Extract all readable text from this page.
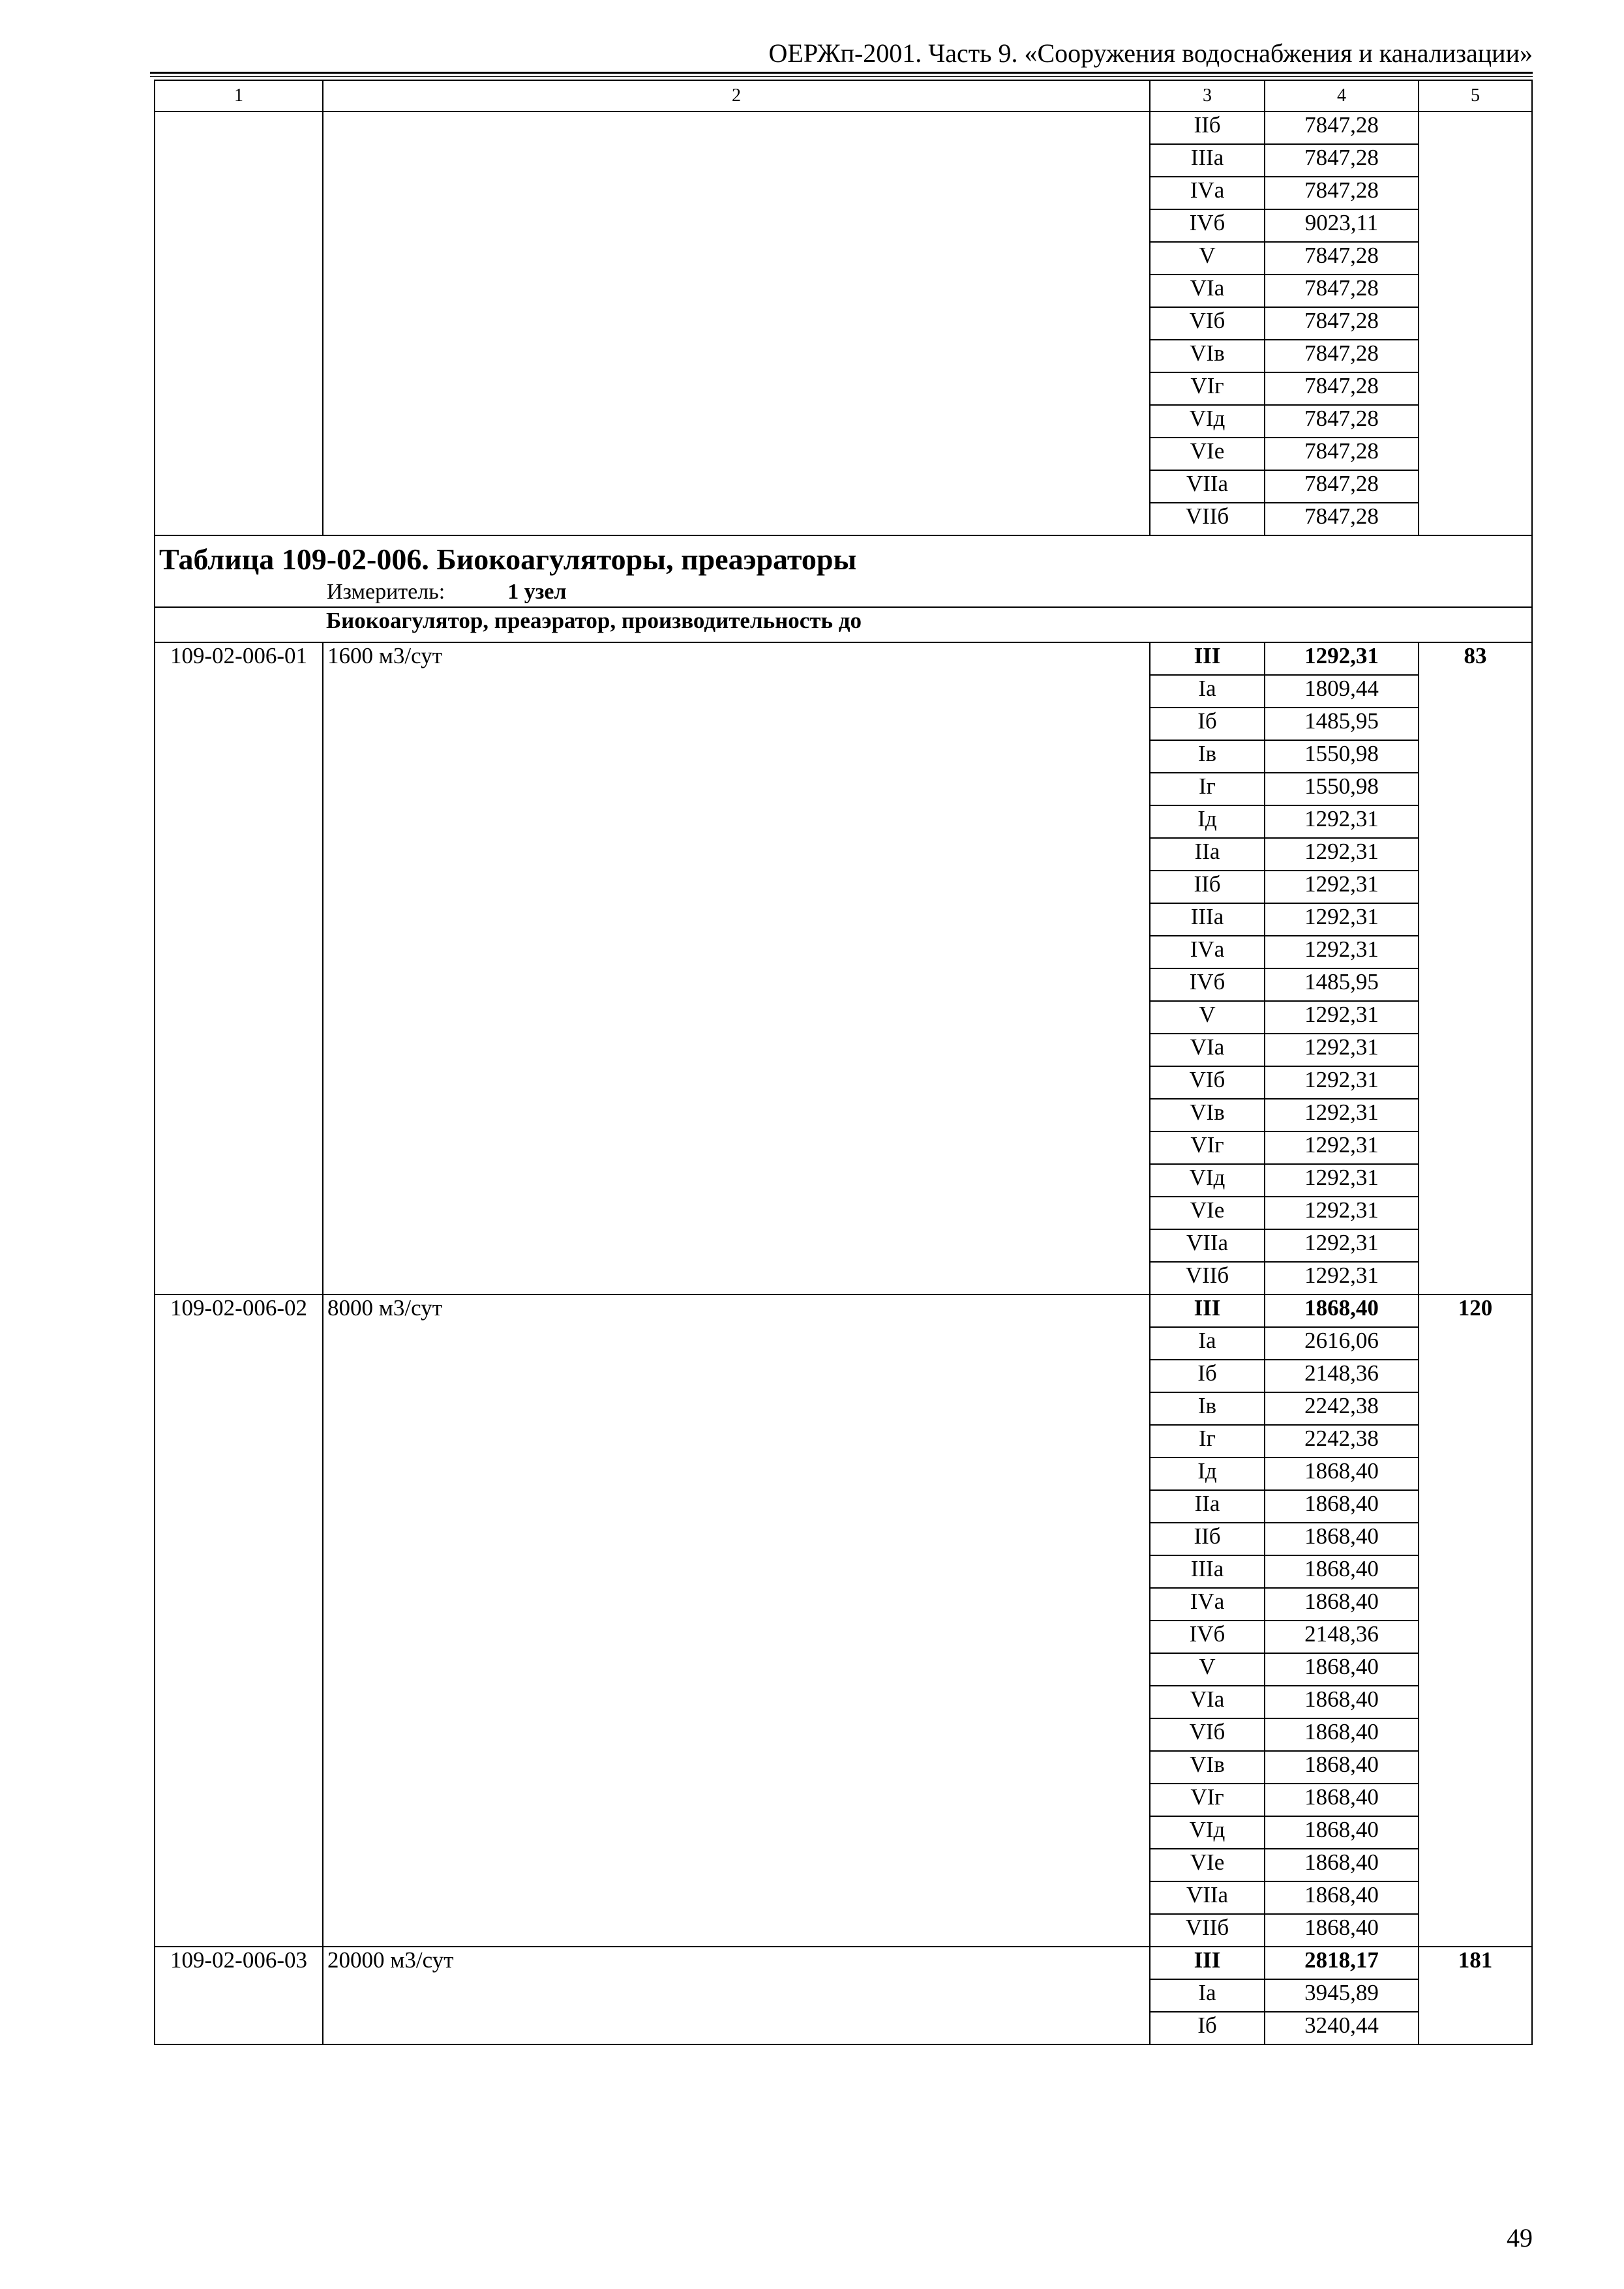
ОЕРЖп-2001. Часть 9. «Сооружения водоснабжения и канализации»
1	2	3	4	5
		IIб	7847,28	
		IIIа	7847,28	
		IVа	7847,28	
		IVб	9023,11	
		V	7847,28	
		VIа	7847,28	
		VIб	7847,28	
		VIв	7847,28	
		VIг	7847,28	
		VIд	7847,28	
		VIе	7847,28	
		VIIа	7847,28	
		VIIб	7847,28	

Таблица 109-02-006. Биокоагуляторы, преаэраторы
Измеритель: 1 узел				

Биокоагулятор, преаэратор, производительность до				
109-02-006-01	1600 м3/сут	III	1292,31	83
		Iа	1809,44	
		Iб	1485,95	
		Iв	1550,98	
		Iг	1550,98	
		Iд	1292,31	
		IIа	1292,31	
		IIб	1292,31	
		IIIа	1292,31	
		IVа	1292,31	
		IVб	1485,95	
		V	1292,31	
		VIа	1292,31	
		VIб	1292,31	
		VIв	1292,31	
		VIг	1292,31	
		VIд	1292,31	
		VIе	1292,31	
		VIIа	1292,31	
		VIIб	1292,31	
109-02-006-02	8000 м3/сут	III	1868,40	120
		Iа	2616,06	
		Iб	2148,36	
		Iв	2242,38	
		Iг	2242,38	
		Iд	1868,40	
		IIа	1868,40	
		IIб	1868,40	
		IIIа	1868,40	
		IVа	1868,40	
		IVб	2148,36	
		V	1868,40	
		VIа	1868,40	
		VIб	1868,40	
		VIв	1868,40	
		VIг	1868,40	
		VIд	1868,40	
		VIе	1868,40	
		VIIа	1868,40	
		VIIб	1868,40	
109-02-006-03	20000 м3/сут	III	2818,17	181
		Iа	3945,89	
		Iб	3240,44	
49
